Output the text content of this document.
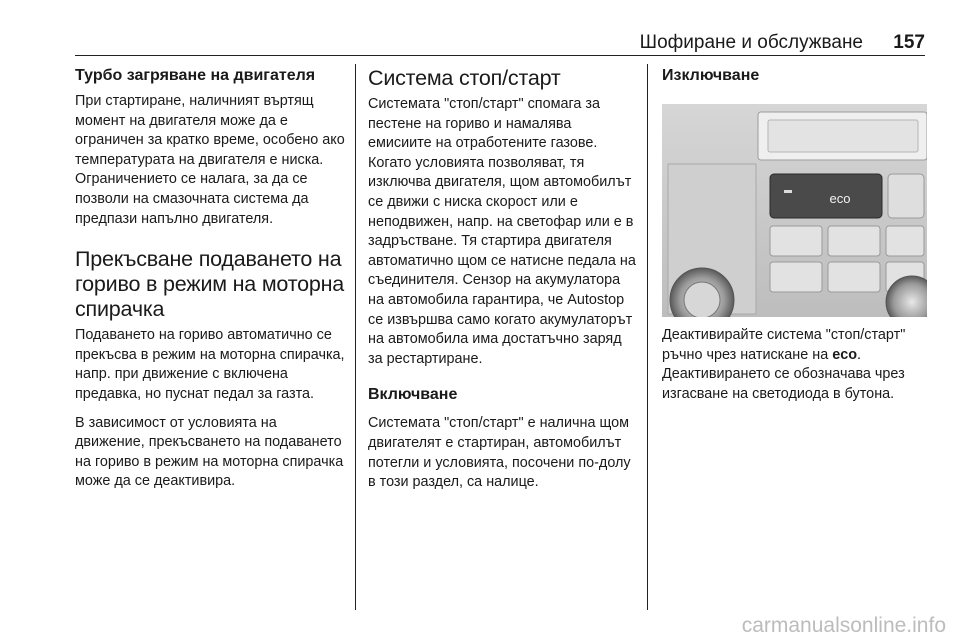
Шофиране и обслужване 157
Турбо загряване на двигателя

При стартиране, наличният въртящ момент на двигателя може да е ограничен за кратко време, особено ако температурата на двигателя е ниска. Ограничението се налага, за да се позволи на смазочната система да предпази напълно двигателя.

Прекъсване подаването на гориво в режим на моторна спирачка

Подаването на гориво автоматично се прекъсва в режим на моторна спирачка, напр. при движение с включена предавка, но пуснат педал за газта.

В зависимост от условията на движение, прекъсването на подаването на гориво в режим на моторна спирачка може да се деактивира.

Система стоп/старт

Системата "стоп/старт" спомага за пестене на гориво и намалява емисиите на отработените газове. Когато условията позволяват, тя изключва двигателя, щом автомобилът се движи с ниска скорост или е неподвижен, напр. на светофар или е в задръстване. Тя стартира двигателя автоматично щом се натисне педала на съединителя. Сензор на акумулатора на автомобила гарантира, че Autostop се извършва само когато акумулаторът на автомобила има достатъчно заряд за рестартиране.

Включване

Системата "стоп/старт" е налична щом двигателят е стартиран, автомобилът потегли и условията, посочени по-долу в този раздел, са налице.

Изключване
eco

Деактивирайте система "стоп/старт" ръчно чрез натискане на eco. Деактивирането се обозначава чрез изгасване на светодиода в бутона.

carmanualsonline.info
